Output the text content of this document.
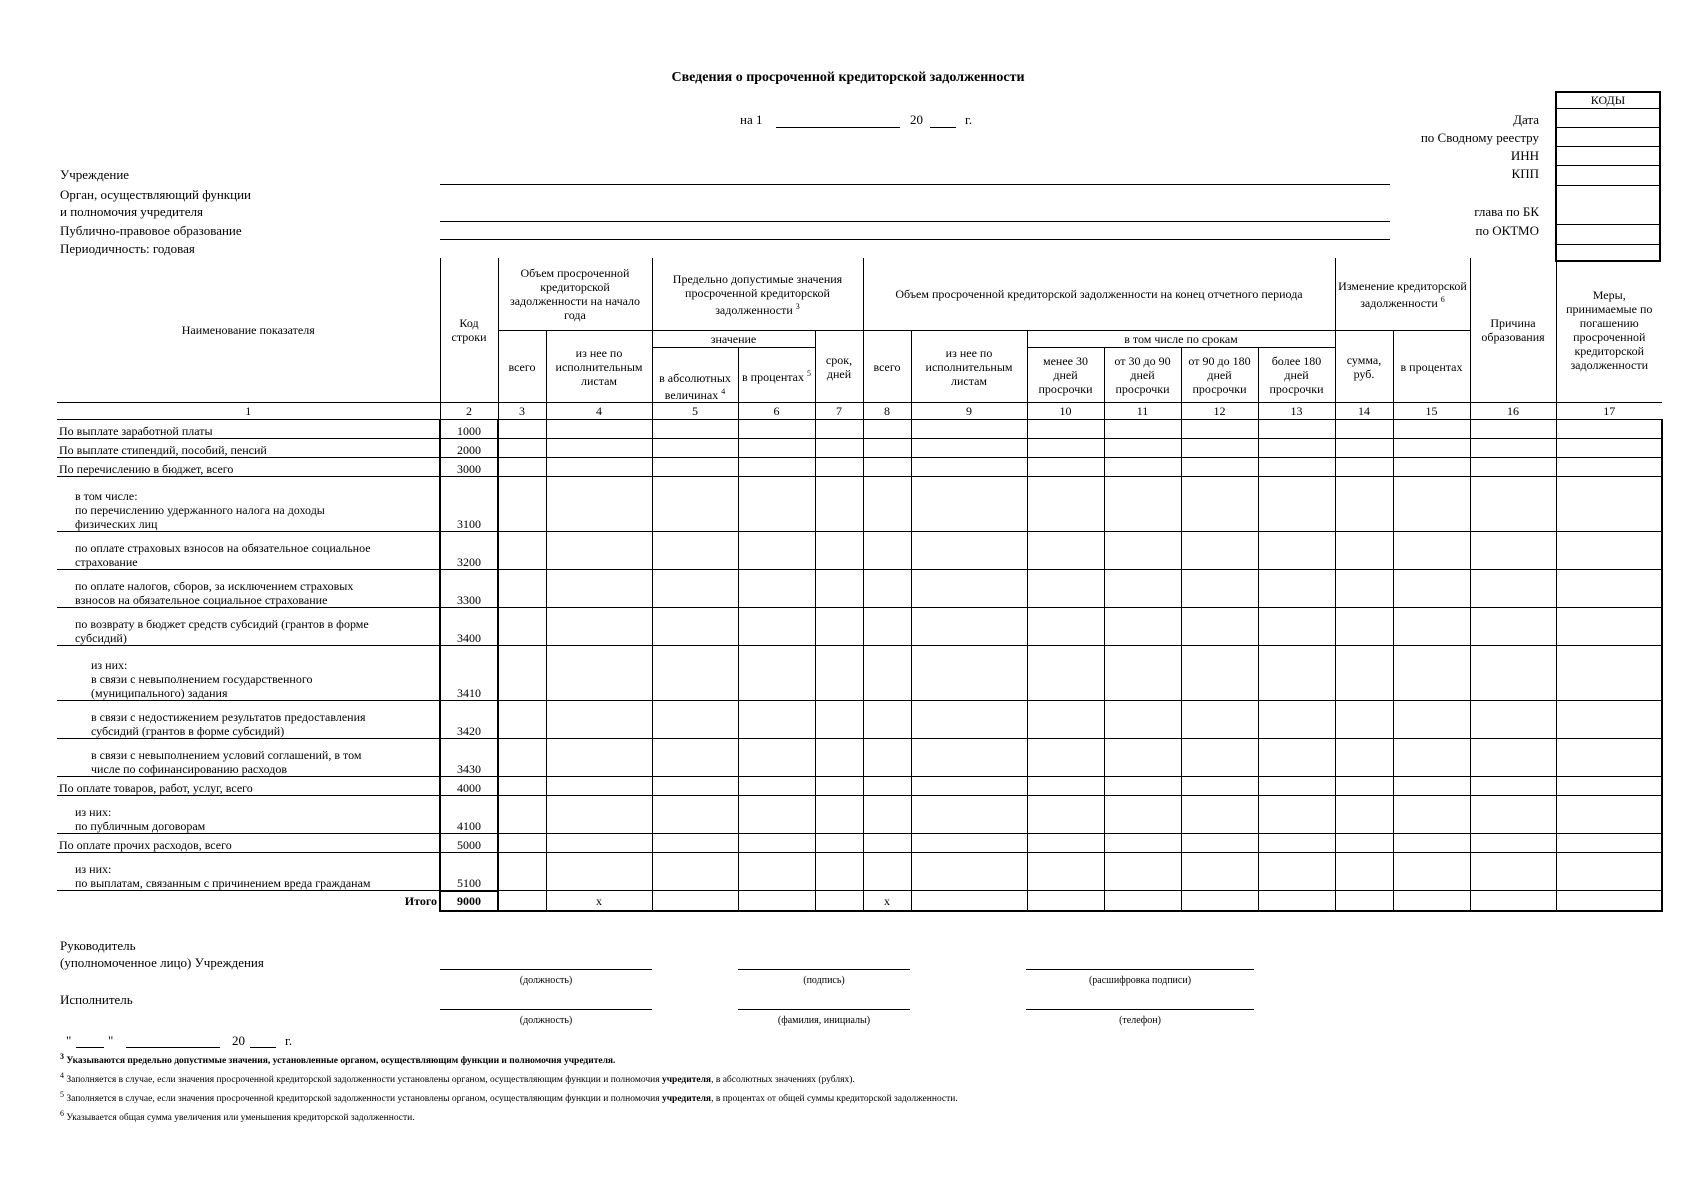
Сведения о просроченной кредиторской задолженности
на 1	20	г.	Дата
по Сводному реестру
ИНН
КПП
глава по БК
по ОКТМО
КОДЫ
Учреждение
Орган, осуществляющий функции
и полномочия учредителя
Публично-правовое образование
Периодичность: годовая
Наименование показателя	Код строки	Объем просроченной кредиторской задолженности на начало года		Предельно допустимые значения просроченной кредиторской задолженности $^3$			Объем просроченной кредиторской задолженности на конец отчетного периода						Изменение кредиторской задолженности $^6$		Причина образования	Меры, принимаемые по погашению просроченной кредиторской задолженности
		всего	из нее по исполнительным листам	значение		срок, дней	всего	из нее по исполнительным листам	в том числе по срокам				сумма, руб.	в процентах		
				в абсолютных величинах $^4$	в процентах $^5$				менее 30 дней просрочки	от 30 до 90 дней просрочки	от 90 до 180 дней просрочки	более 180 дней просрочки				
1	2	3	4	5	6	7	8	9	10	11	12	13	14	15	16	17

По выплате заработной платы	1000															

По выплате стипендий, пособий, пенсий	2000															

По перечислению в бюджет, всего	3000															

в том числе:
по перечислению удержанного налога на доходы
физических лиц	3100															

по оплате страховых взносов на обязательное социальное
страхование	3200															

по оплате налогов, сборов, за исключением страховых
взносов на обязательное социальное страхование	3300															

по возврату в бюджет средств субсидий (грантов в форме
субсидий)	3400															

из них:
в связи с невыполнением государственного
(муниципального) задания	3410															

в связи с недостижением результатов предоставления
субсидий (грантов в форме субсидий)	3420															

в связи с невыполнением условий соглашений, в том
числе по софинансированию расходов	3430															

По оплате товаров, работ, услуг, всего	4000															

из них:
по публичным договорам	4100															

По оплате прочих расходов, всего	5000															

из них:
по выплатам, связанным с причинением вреда гражданам	5100															
Итого	9000		x				x									
Руководитель
(уполномоченное лицо) Учреждения
(должность)	(подпись)	(расшифровка подписи)
Исполнитель
(должность)	(фамилия, инициалы)	(телефон)
"	"	20	г.
$^3$ Указываются предельно допустимые значения, установленные органом, осуществляющим функции и полномочия учредителя.
$^4$ Заполняется в случае, если значения просроченной кредиторской задолженности установлены органом, осуществляющим функции и полномочия учредителя, в абсолютных значениях (рублях).
$^5$ Заполняется в случае, если значения просроченной кредиторской задолженности установлены органом, осуществляющим функции и полномочия учредителя, в процентах от общей суммы кредиторской задолженности.
$^6$ Указывается общая сумма увеличения или уменьшения кредиторской задолженности.
